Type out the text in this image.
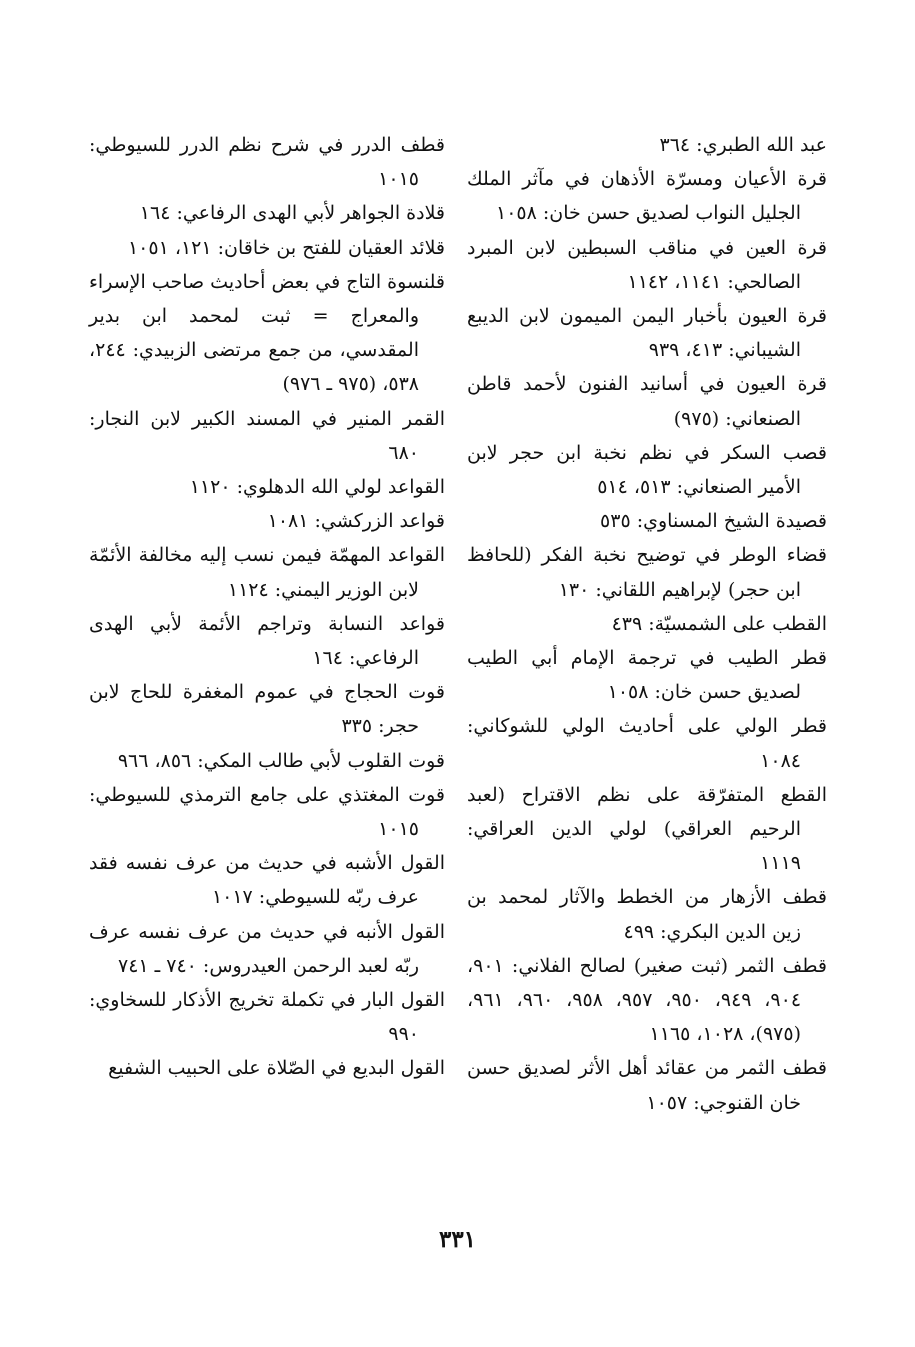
عبد الله الطبري: ٣٦٤

قرة الأعيان ومسرّة الأذهان في مآثر الملك الجليل النواب لصديق حسن خان: ١٠٥٨

قرة العين في مناقب السبطين لابن المبرد الصالحي: ١١٤١، ١١٤٢

قرة العيون بأخبار اليمن الميمون لابن الديبع الشيباني: ٤١٣، ٩٣٩

قرة العيون في أسانيد الفنون لأحمد قاطن الصنعاني: (٩٧٥)

قصب السكر في نظم نخبة ابن حجر لابن الأمير الصنعاني: ٥١٣، ٥١٤

قصيدة الشيخ المسناوي: ٥٣٥

قضاء الوطر في توضيح نخبة الفكر (للحافظ ابن حجر) لإبراهيم اللقاني: ١٣٠

القطب على الشمسيّة: ٤٣٩

قطر الطيب في ترجمة الإمام أبي الطيب لصديق حسن خان: ١٠٥٨

قطر الولي على أحاديث الولي للشوكاني: ١٠٨٤

القطع المتفرّقة على نظم الاقتراح (لعبد الرحيم العراقي) لولي الدين العراقي: ١١١٩

قطف الأزهار من الخطط والآثار لمحمد بن زين الدين البكري: ٤٩٩

قطف الثمر (ثبت صغير) لصالح الفلاني: ٩٠١، ٩٠٤، ٩٤٩، ٩٥٠، ٩٥٧، ٩٥٨، ٩٦٠، ٩٦١، (٩٧٥)، ١٠٢٨، ١١٦٥

قطف الثمر من عقائد أهل الأثر لصديق حسن خان القنوجي: ١٠٥٧

قطف الدرر في شرح نظم الدرر للسيوطي: ١٠١٥

قلادة الجواهر لأبي الهدى الرفاعي: ١٦٤

قلائد العقيان للفتح بن خاقان: ١٢١، ١٠٥١

قلنسوة التاج في بعض أحاديث صاحب الإسراء والمعراج = ثبت لمحمد ابن بدير المقدسي، من جمع مرتضى الزبيدي: ٢٤٤، ٥٣٨، (٩٧٥ ـ ٩٧٦)

القمر المنير في المسند الكبير لابن النجار: ٦٨٠

القواعد لولي الله الدهلوي: ١١٢٠

قواعد الزركشي: ١٠٨١

القواعد المهمّة فيمن نسب إليه مخالفة الأئمّة لابن الوزير اليمني: ١١٢٤

قواعد النسابة وتراجم الأئمة لأبي الهدى الرفاعي: ١٦٤

قوت الحجاج في عموم المغفرة للحاج لابن حجر: ٣٣٥

قوت القلوب لأبي طالب المكي: ٨٥٦، ٩٦٦

قوت المغتذي على جامع الترمذي للسيوطي: ١٠١٥

القول الأشبه في حديث من عرف نفسه فقد عرف ربّه للسيوطي: ١٠١٧

القول الأنبه في حديث من عرف نفسه عرف ربّه لعبد الرحمن العيدروس: ٧٤٠ ـ ٧٤١

القول البار في تكملة تخريج الأذكار للسخاوي: ٩٩٠

القول البديع في الصّلاة على الحبيب الشفيع

٣٣١
